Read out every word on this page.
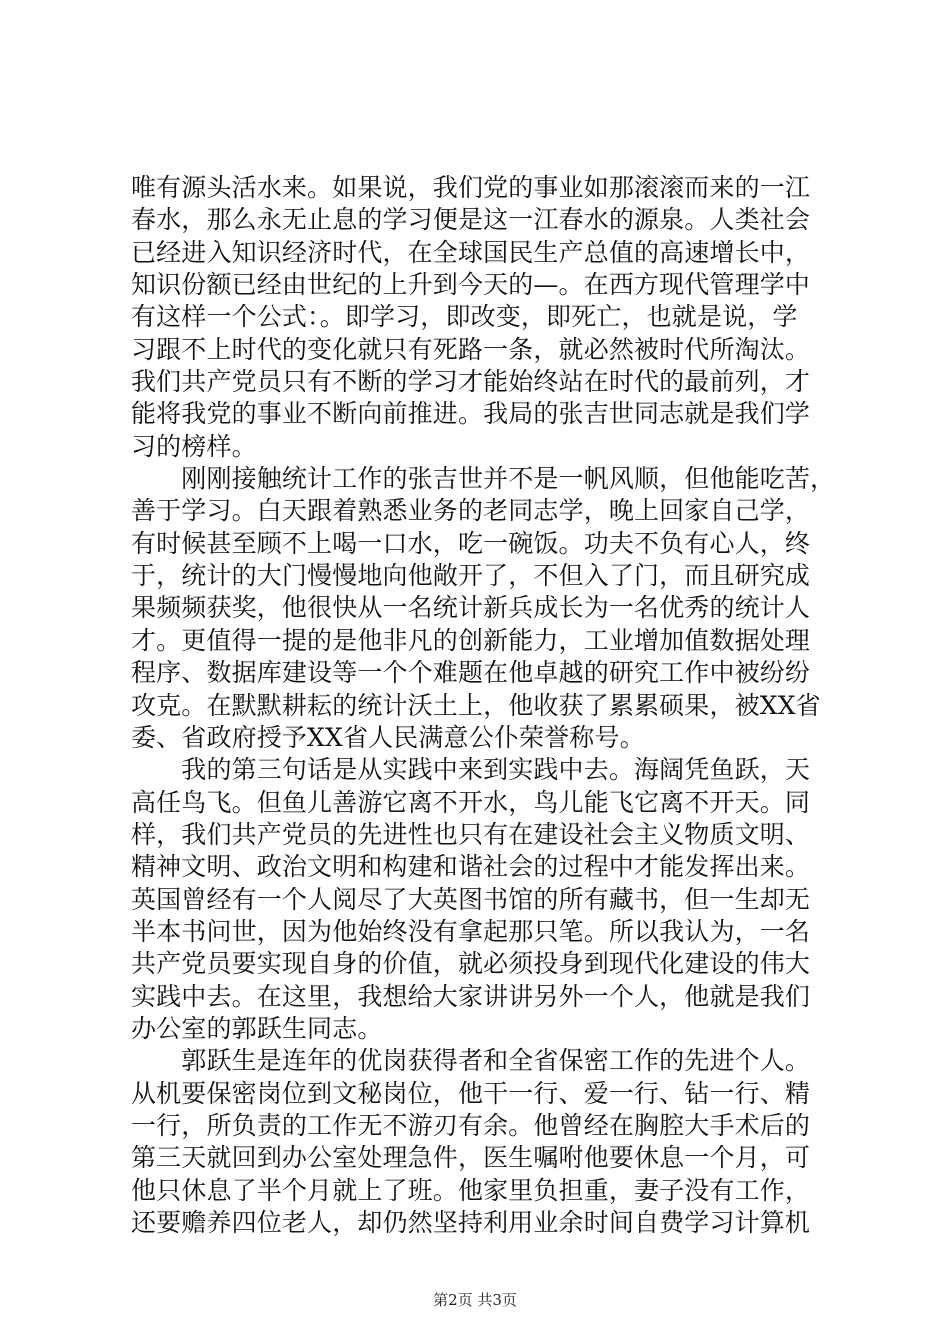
唯有源头活水来。如果说，我们党的事业如那滚滚而来的一江
春水，那么永无止息的学习便是这一江春水的源泉。人类社会
已经进入知识经济时代，在全球国民生产总值的高速增长中，
知识份额已经由世纪的上升到今天的—。在西方现代管理学中
有这样一个公式：。即学习，即改变，即死亡，也就是说，学
习跟不上时代的变化就只有死路一条，就必然被时代所淘汰。
我们共产党员只有不断的学习才能始终站在时代的最前列，才
能将我党的事业不断向前推进。我局的张吉世同志就是我们学
习的榜样。
　　刚刚接触统计工作的张吉世并不是一帆风顺，但他能吃苦，
善于学习。白天跟着熟悉业务的老同志学，晚上回家自己学，
有时候甚至顾不上喝一口水，吃一碗饭。功夫不负有心人，终
于，统计的大门慢慢地向他敞开了，不但入了门，而且研究成
果频频获奖，他很快从一名统计新兵成长为一名优秀的统计人
才。更值得一提的是他非凡的创新能力，工业增加值数据处理
程序、数据库建设等一个个难题在他卓越的研究工作中被纷纷
攻克。在默默耕耘的统计沃土上，他收获了累累硕果，被XX省
委、省政府授予XX省人民满意公仆荣誉称号。
　　我的第三句话是从实践中来到实践中去。海阔凭鱼跃，天
高任鸟飞。但鱼儿善游它离不开水，鸟儿能飞它离不开天。同
样，我们共产党员的先进性也只有在建设社会主义物质文明、
精神文明、政治文明和构建和谐社会的过程中才能发挥出来。
英国曾经有一个人阅尽了大英图书馆的所有藏书，但一生却无
半本书问世，因为他始终没有拿起那只笔。所以我认为，一名
共产党员要实现自身的价值，就必须投身到现代化建设的伟大
实践中去。在这里，我想给大家讲讲另外一个人，他就是我们
办公室的郭跃生同志。
　　郭跃生是连年的优岗获得者和全省保密工作的先进个人。
从机要保密岗位到文秘岗位，他干一行、爱一行、钻一行、精
一行，所负责的工作无不游刃有余。他曾经在胸腔大手术后的
第三天就回到办公室处理急件，医生嘱咐他要休息一个月，可
他只休息了半个月就上了班。他家里负担重，妻子没有工作，
还要赡养四位老人，却仍然坚持利用业余时间自费学习计算机
第2页 共3页
